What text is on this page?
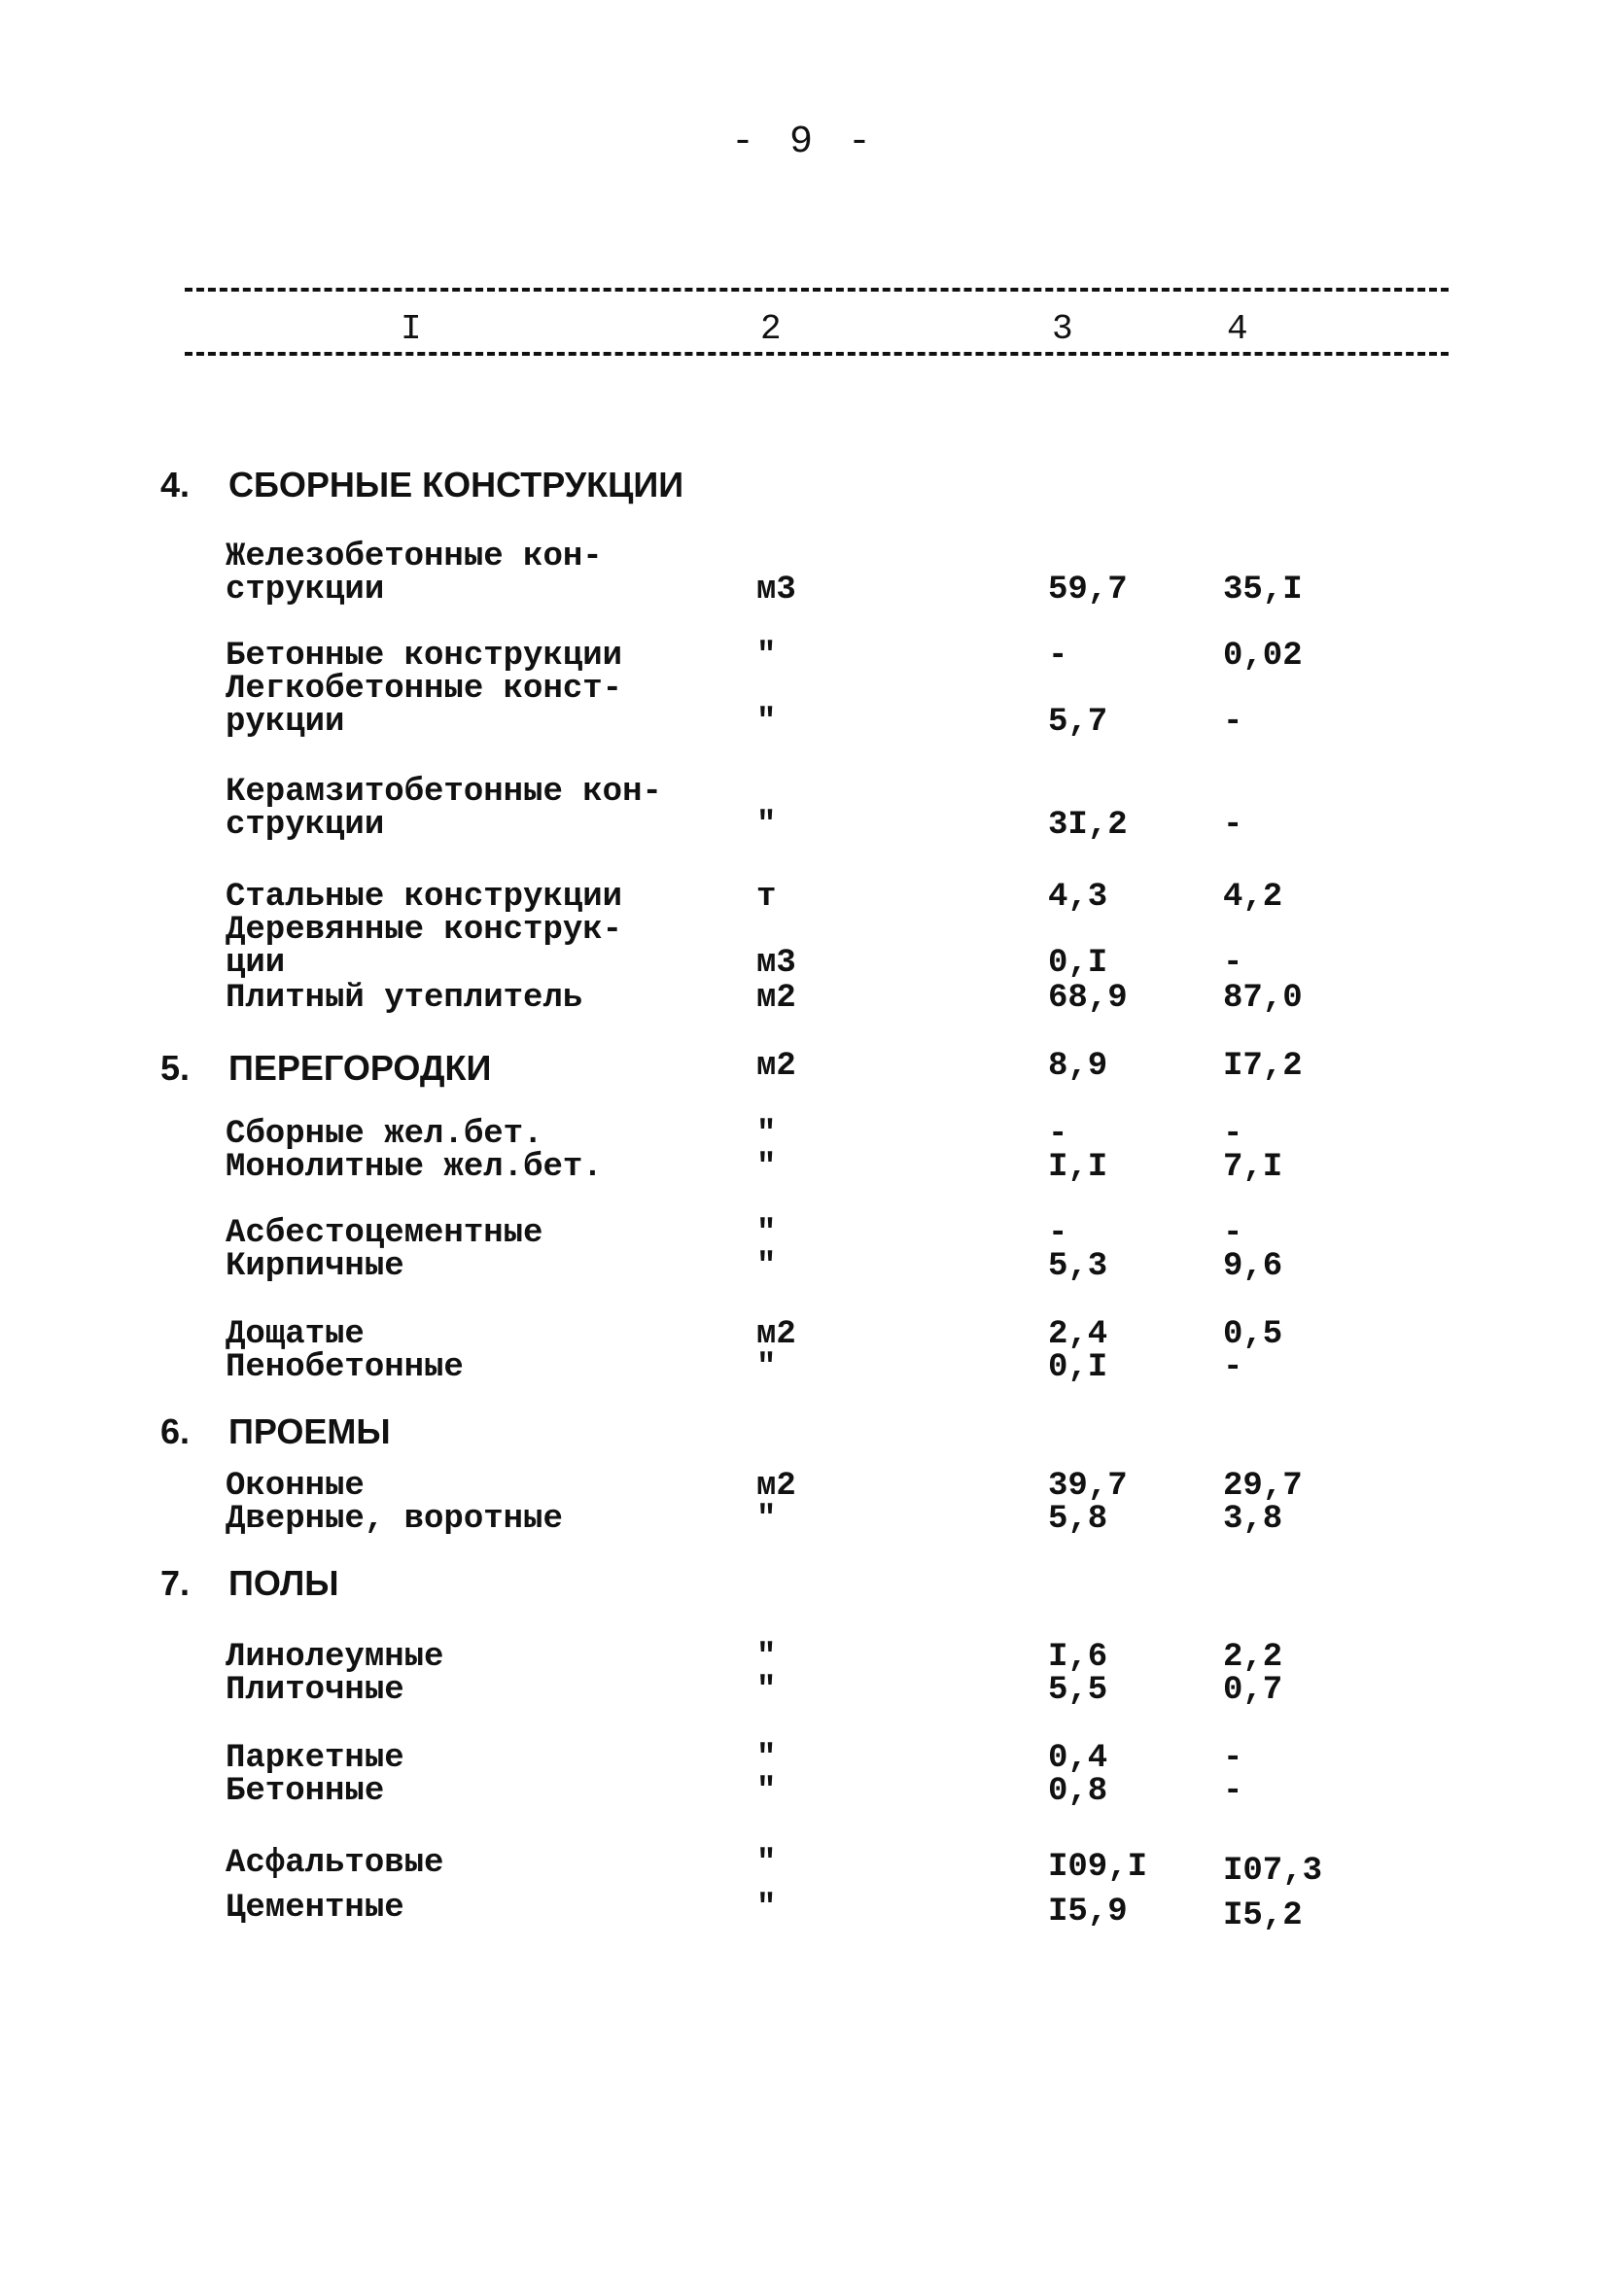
- 9 -
I	2	3	4
4. СБОРНЫЕ КОНСТРУКЦИИ
Железобетонные кон-
струкции	м3	59,7	35,I
Бетонные конструкции	"	-	0,02
Легкобетонные конст-
рукции	"	5,7	-
Керамзитобетонные кон-
струкции	"	3I,2	-
Стальные конструкции	т	4,3	4,2
Деревянные конструк-
ции	м3	0,I	-
Плитный утеплитель	м2	68,9	87,0
5. ПЕРЕГОРОДКИ	м2	8,9	I7,2
Сборные жел.бет.	"	-	-
Монолитные жел.бет.	"	I,I	7,I
Асбестоцементные	"	-	-
Кирпичные	"	5,3	9,6
Дощатые	м2	2,4	0,5
Пенобетонные	"	0,I	-
6. ПРОЕМЫ
Оконные	м2	39,7	29,7
Дверные, воротные	"	5,8	3,8
7. ПОЛЫ
Линолеумные	"	I,6	2,2
Плиточные	"	5,5	0,7
Паркетные	"	0,4	-
Бетонные	"	0,8	-
Асфальтовые	"	I09,I	I07,3
Цементные	"	I5,9	I5,2
